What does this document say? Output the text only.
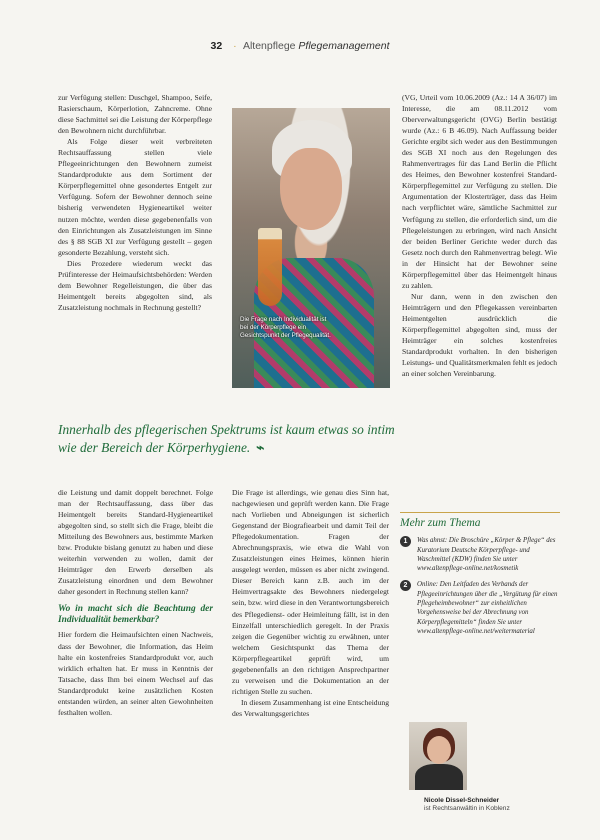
32 · Altenpflege Pflegemanagement

zur Verfügung stellen: Duschgel, Shampoo, Seife, Rasierschaum, Körperlotion, Zahncreme. Ohne diese Sachmittel sei die Leistung der Körperpflege den Bewohnern nicht durchführbar.

Als Folge dieser weit verbreiteten Rechtsauffassung stellen viele Pflegeeinrichtungen den Bewohnern zumeist Standardprodukte aus dem Sortiment der Körperpflegemittel ohne gesondertes Entgelt zur Verfügung. Sofern der Bewohner dennoch seine bisherig verwendeten Hygieneartikel weiter nutzen möchte, werden diese gegebenenfalls von den Einrichtungen als Zusatzleistungen im Sinne des § 88 SGB XI zur Verfügung gestellt – gegen gesonderte Bezahlung, versteht sich.

Dies Prozedere wiederum weckt das Prüfinteresse der Heimaufsichtsbehörden: Werden dem Bewohner Regelleistungen, die über das Heimentgelt bereits abgegolten sind, als Zusatzleistung nochmals in Rechnung gestellt?

Die Frage nach Individualität ist bei der Körperpflege ein Gesichtspunkt der Pflegequalität.

(VG, Urteil vom 10.06.2009 (Az.: 14 A 36/07) im Interesse, die am 08.11.2012 vom Oberverwaltungsgericht (OVG) Berlin bestätigt wurde (Az.: 6 B 46.09). Nach Auffassung beider Gerichte ergibt sich weder aus den Bestimmungen des SGB XI noch aus den Regelungen des Rahmenvertrages für das Land Berlin die Pflicht des Heimes, den Bewohner kostenfrei Standard-Körperpflegemittel zur Verfügung zu stellen. Die Argumentation der Klosterträger, dass das Heim nach verpflichtet wäre, sämtliche Sachmittel zur Verfügung zu stellen, die erforderlich sind, um die Pflegeleistungen zu erbringen, wird nach Ansicht der beiden Berliner Gerichte weder durch das Gesetz noch durch den Rahmenvertrag belegt. Wie in der Hinsicht hat der Bewohner seine Körperpflegemittel über das Heimentgelt hinaus zu zahlen.

Nur dann, wenn in den zwischen den Heimträgern und den Pflegekassen vereinbarten Heimentgelten ausdrücklich die Körperpflegemittel abgegolten sind, muss der Heimträger ein solches kostenfreies Standardprodukt vorhalten. In den bisherigen Leistungs- und Qualitätsmerkmalen fehlt es jedoch an einer solchen Vereinbarung.

Innerhalb des pflegerischen Spektrums ist kaum etwas so intim wie der Bereich der Körperhygiene. ⌁

die Leistung und damit doppelt berechnet. Folge man der Rechtsauffassung, dass über das Heimentgelt bereits Standard-Hygieneartikel abgegolten sind, so stellt sich die Frage, bleibt die Mitteilung des Bewohners aus, bestimmte Marken bzw. Produkte bislang genutzt zu haben und diese weiterhin verwenden zu wollen, damit der Heimträger den Erwerb derselben als Zusatzleistung einordnen und dem Bewohner daher gesondert in Rechnung stellen kann?

Wo in macht sich die Beachtung der Individualität bemerkbar?

Hier fordern die Heimaufsichten einen Nachweis, dass der Bewohner, die Information, das Heim halte ein kostenfreies Standardprodukt vor, auch wirklich erhalten hat. Er muss in Kenntnis der Tatsache, dass Ihm bei einem Wechsel auf das Standardprodukt keine zusätzlichen Kosten entstanden würden, an seiner alten Gewohnheiten festhalten wollen.

Die Frage ist allerdings, wie genau dies Sinn hat, nachgewiesen und geprüft werden kann. Die Frage nach Vorlieben und Abneigungen ist sicherlich Gegenstand der Biografiearbeit und damit Teil der Pflegedokumentation. Fragen der Abrechnungspraxis, wie etwa die Wahl von Zusatzleistungen eines Heimes, können hierin ausgelegt werden, müssen es aber nicht zwingend. Dieser Bereich kann z.B. auch im der Heimvertragsakte des Bewohners niedergelegt sein, bzw. wird diese in den Verantwortungsbereich des Pflegedienst- oder Heimleitung fällt, ist in den Einzelfall unterschiedlich geregelt. In der Praxis zeigen die Gegenüber wichtig zu erwähnen, unter welchem Gesichtspunkt das Thema der Körperpflegeartikel geprüft wird, um gegebenenfalls an den richtigen Ansprechpartner zu verweisen und die Dokumentation an der richtigen Stelle zu suchen.

In diesem Zusammenhang ist eine Entscheidung des Verwaltungsgerichtes

Mehr zum Thema
1	Was ahnst: Die Broschüre „Körper & Pflege“ des Kuratorium Deutsche Körperpflege- und Waschmittel (KDW) finden Sie unter www.altenpflege-online.net/kosmetik
2	Online: Den Leitfaden des Verbands der Pflegeeinrichtungen über die „Vergütung für einen Pflegeheimbewohner“ zur einheitlichen Vorgehensweise bei der Abrechnung von Körperpflegemitteln“ finden Sie unter www.altenpflege-online.net/weitermaterial
Nicole Dissel-Schneider
ist Rechtsanwältin in Koblenz
